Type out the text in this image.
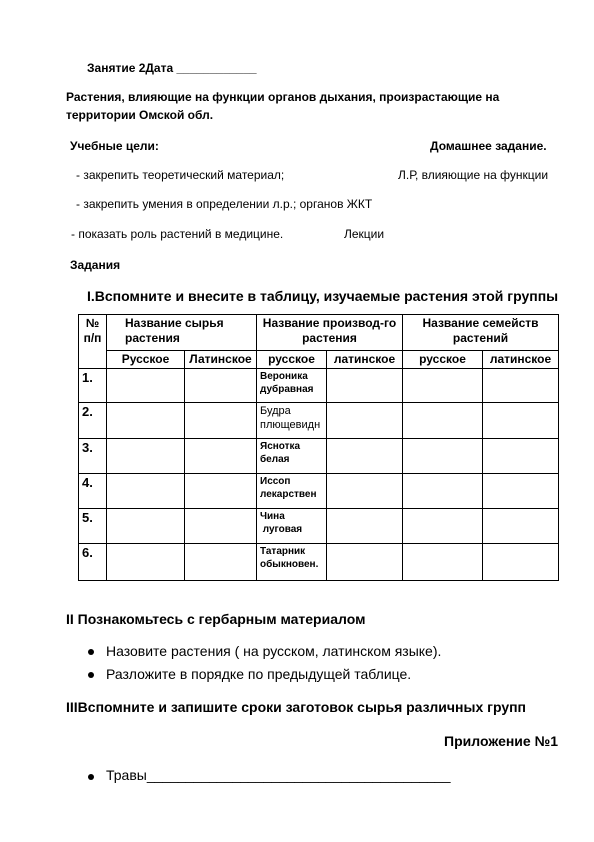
Занятие 2Дата ____________
Растения, влияющие на функции органов дыхания, произрастающие на
территории Омской обл.
Учебные цели:	Домашнее задание.
- закрепить теоретический материал;	Л.Р, влияющие на функции
- закрепить умения в определении л.р.; органов ЖКТ
- показать роль растений в медицине.	Лекции
Задания
I.Вспомните и внесите в таблицу, изучаемые растения этой группы
№ п/п	Название сырья растения		Название производ-го растения		Название семейств растений	
	Русское	Латинское	русское	латинское	русское	латинское
1.			Вероника
дубравная			
2.			Будра
плющевидн			
3.			Яснотка
белая			
4.			Иссоп
лекарствен			
5.			Чина
луговая			
6.			Татарник
обыкновен.			
II Познакомьтесь с гербарным материалом
Назовите растения ( на русском, латинском языке).
Разложите в порядке по предыдущей таблице.
IIIВспомните и запишите сроки заготовок сырья различных групп
Приложение №1
Травы_______________________________________
